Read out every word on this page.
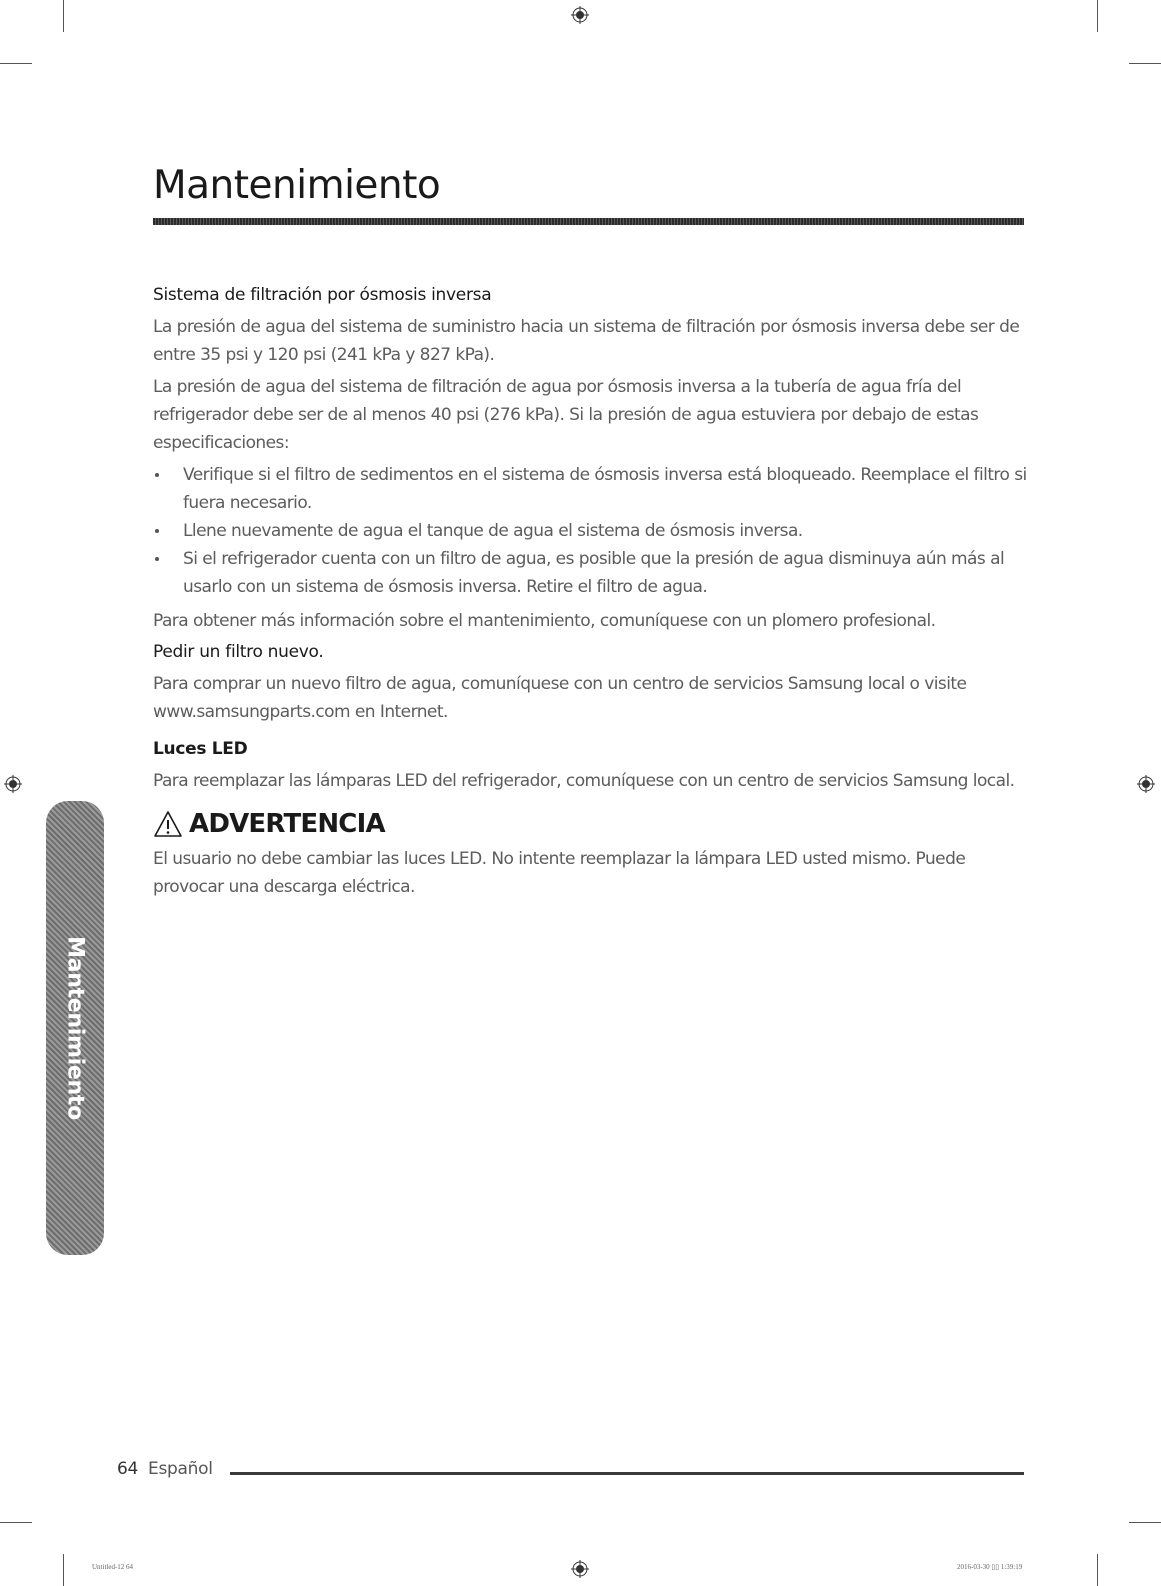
Mantenimiento
Sistema de filtración por ósmosis inversa

La presión de agua del sistema de suministro hacia un sistema de filtración por ósmosis inversa debe ser de entre 35 psi y 120 psi (241 kPa y 827 kPa).

La presión de agua del sistema de filtración de agua por ósmosis inversa a la tubería de agua fría del refrigerador debe ser de al menos 40 psi (276 kPa). Si la presión de agua estuviera por debajo de estas especificaciones:

Verifique si el filtro de sedimentos en el sistema de ósmosis inversa está bloqueado. Reemplace el filtro si fuera necesario.
Llene nuevamente de agua el tanque de agua el sistema de ósmosis inversa.
Si el refrigerador cuenta con un filtro de agua, es posible que la presión de agua disminuya aún más al usarlo con un sistema de ósmosis inversa. Retire el filtro de agua.

Para obtener más información sobre el mantenimiento, comuníquese con un plomero profesional.

Pedir un filtro nuevo.

Para comprar un nuevo filtro de agua, comuníquese con un centro de servicios Samsung local o visite www.samsungparts.com en Internet.

Luces LED

Para reemplazar las lámparas LED del refrigerador, comuníquese con un centro de servicios Samsung local.

ADVERTENCIA

El usuario no debe cambiar las luces LED. No intente reemplazar la lámpara LED usted mismo. Puede provocar una descarga eléctrica.

Mantenimiento
64 Español
Untitled-12 64	2016-03-30 ▯▯ 1:39:19
